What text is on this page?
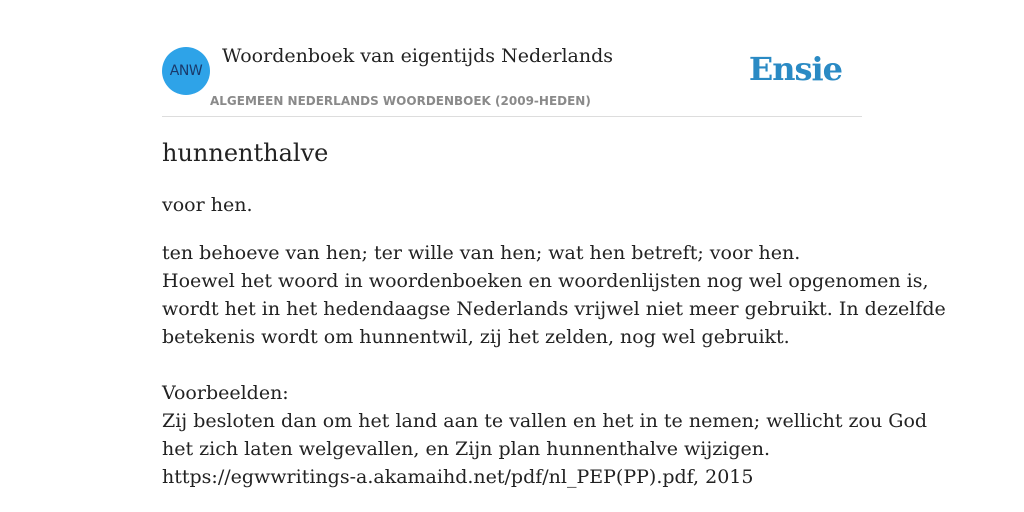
ANW
Woordenboek van eigentijds Nederlands
ALGEMEEN NEDERLANDS WOORDENBOEK (2009-HEDEN)
Ensie
hunnenthalve
voor hen.
ten behoeve van hen; ter wille van hen; wat hen betreft; voor hen.
Hoewel het woord in woordenboeken en woordenlijsten nog wel opgenomen is,
wordt het in het hedendaagse Nederlands vrijwel niet meer gebruikt. In dezelfde
betekenis wordt om hunnentwil, zij het zelden, nog wel gebruikt.
Voorbeelden:
Zij besloten dan om het land aan te vallen en het in te nemen; wellicht zou God
het zich laten welgevallen, en Zijn plan hunnenthalve wijzigen.
https://egwwritings-a.akamaihd.net/pdf/nl_PEP(PP).pdf, 2015
